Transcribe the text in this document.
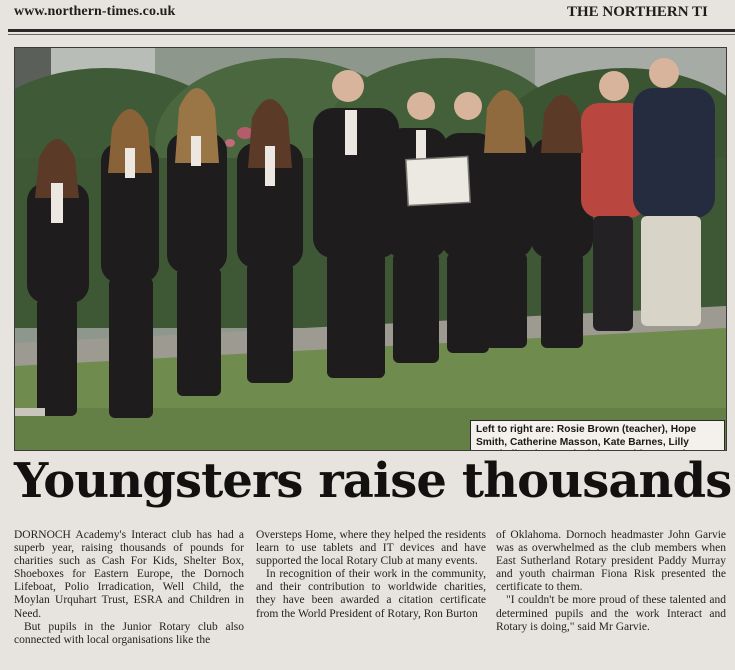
www.northern-times.co.uk	THE NORTHERN TI
Left to right are: Rosie Brown (teacher), Hope Smith, Catherine Masson, Kate Barnes, Lilly
Youngsters raise thousands

DORNOCH Academy's Interact club has had a superb year, raising thousands of pounds for charities such as Cash For Kids, Shelter Box, Shoeboxes for Eastern Europe, the Dornoch Lifeboat, Polio Irradication, Well Child, the Moylan Urquhart Trust, ESRA and Children in Need.

But pupils in the Junior Rotary club also connected with local organisations like the

Oversteps Home, where they helped the residents learn to use tablets and IT devices and have supported the local Rotary Club at many events.

In recognition of their work in the community, and their contribution to worldwide charities, they have been awarded a citation certificate from the World President of Rotary, Ron Burton

of Oklahoma. Dornoch headmaster John Garvie was as overwhelmed as the club members when East Sutherland Rotary president Paddy Murray and youth chairman Fiona Risk presented the certificate to them.

"I couldn't be more proud of these talented and determined pupils and the work Interact and Rotary is doing," said Mr Garvie.
